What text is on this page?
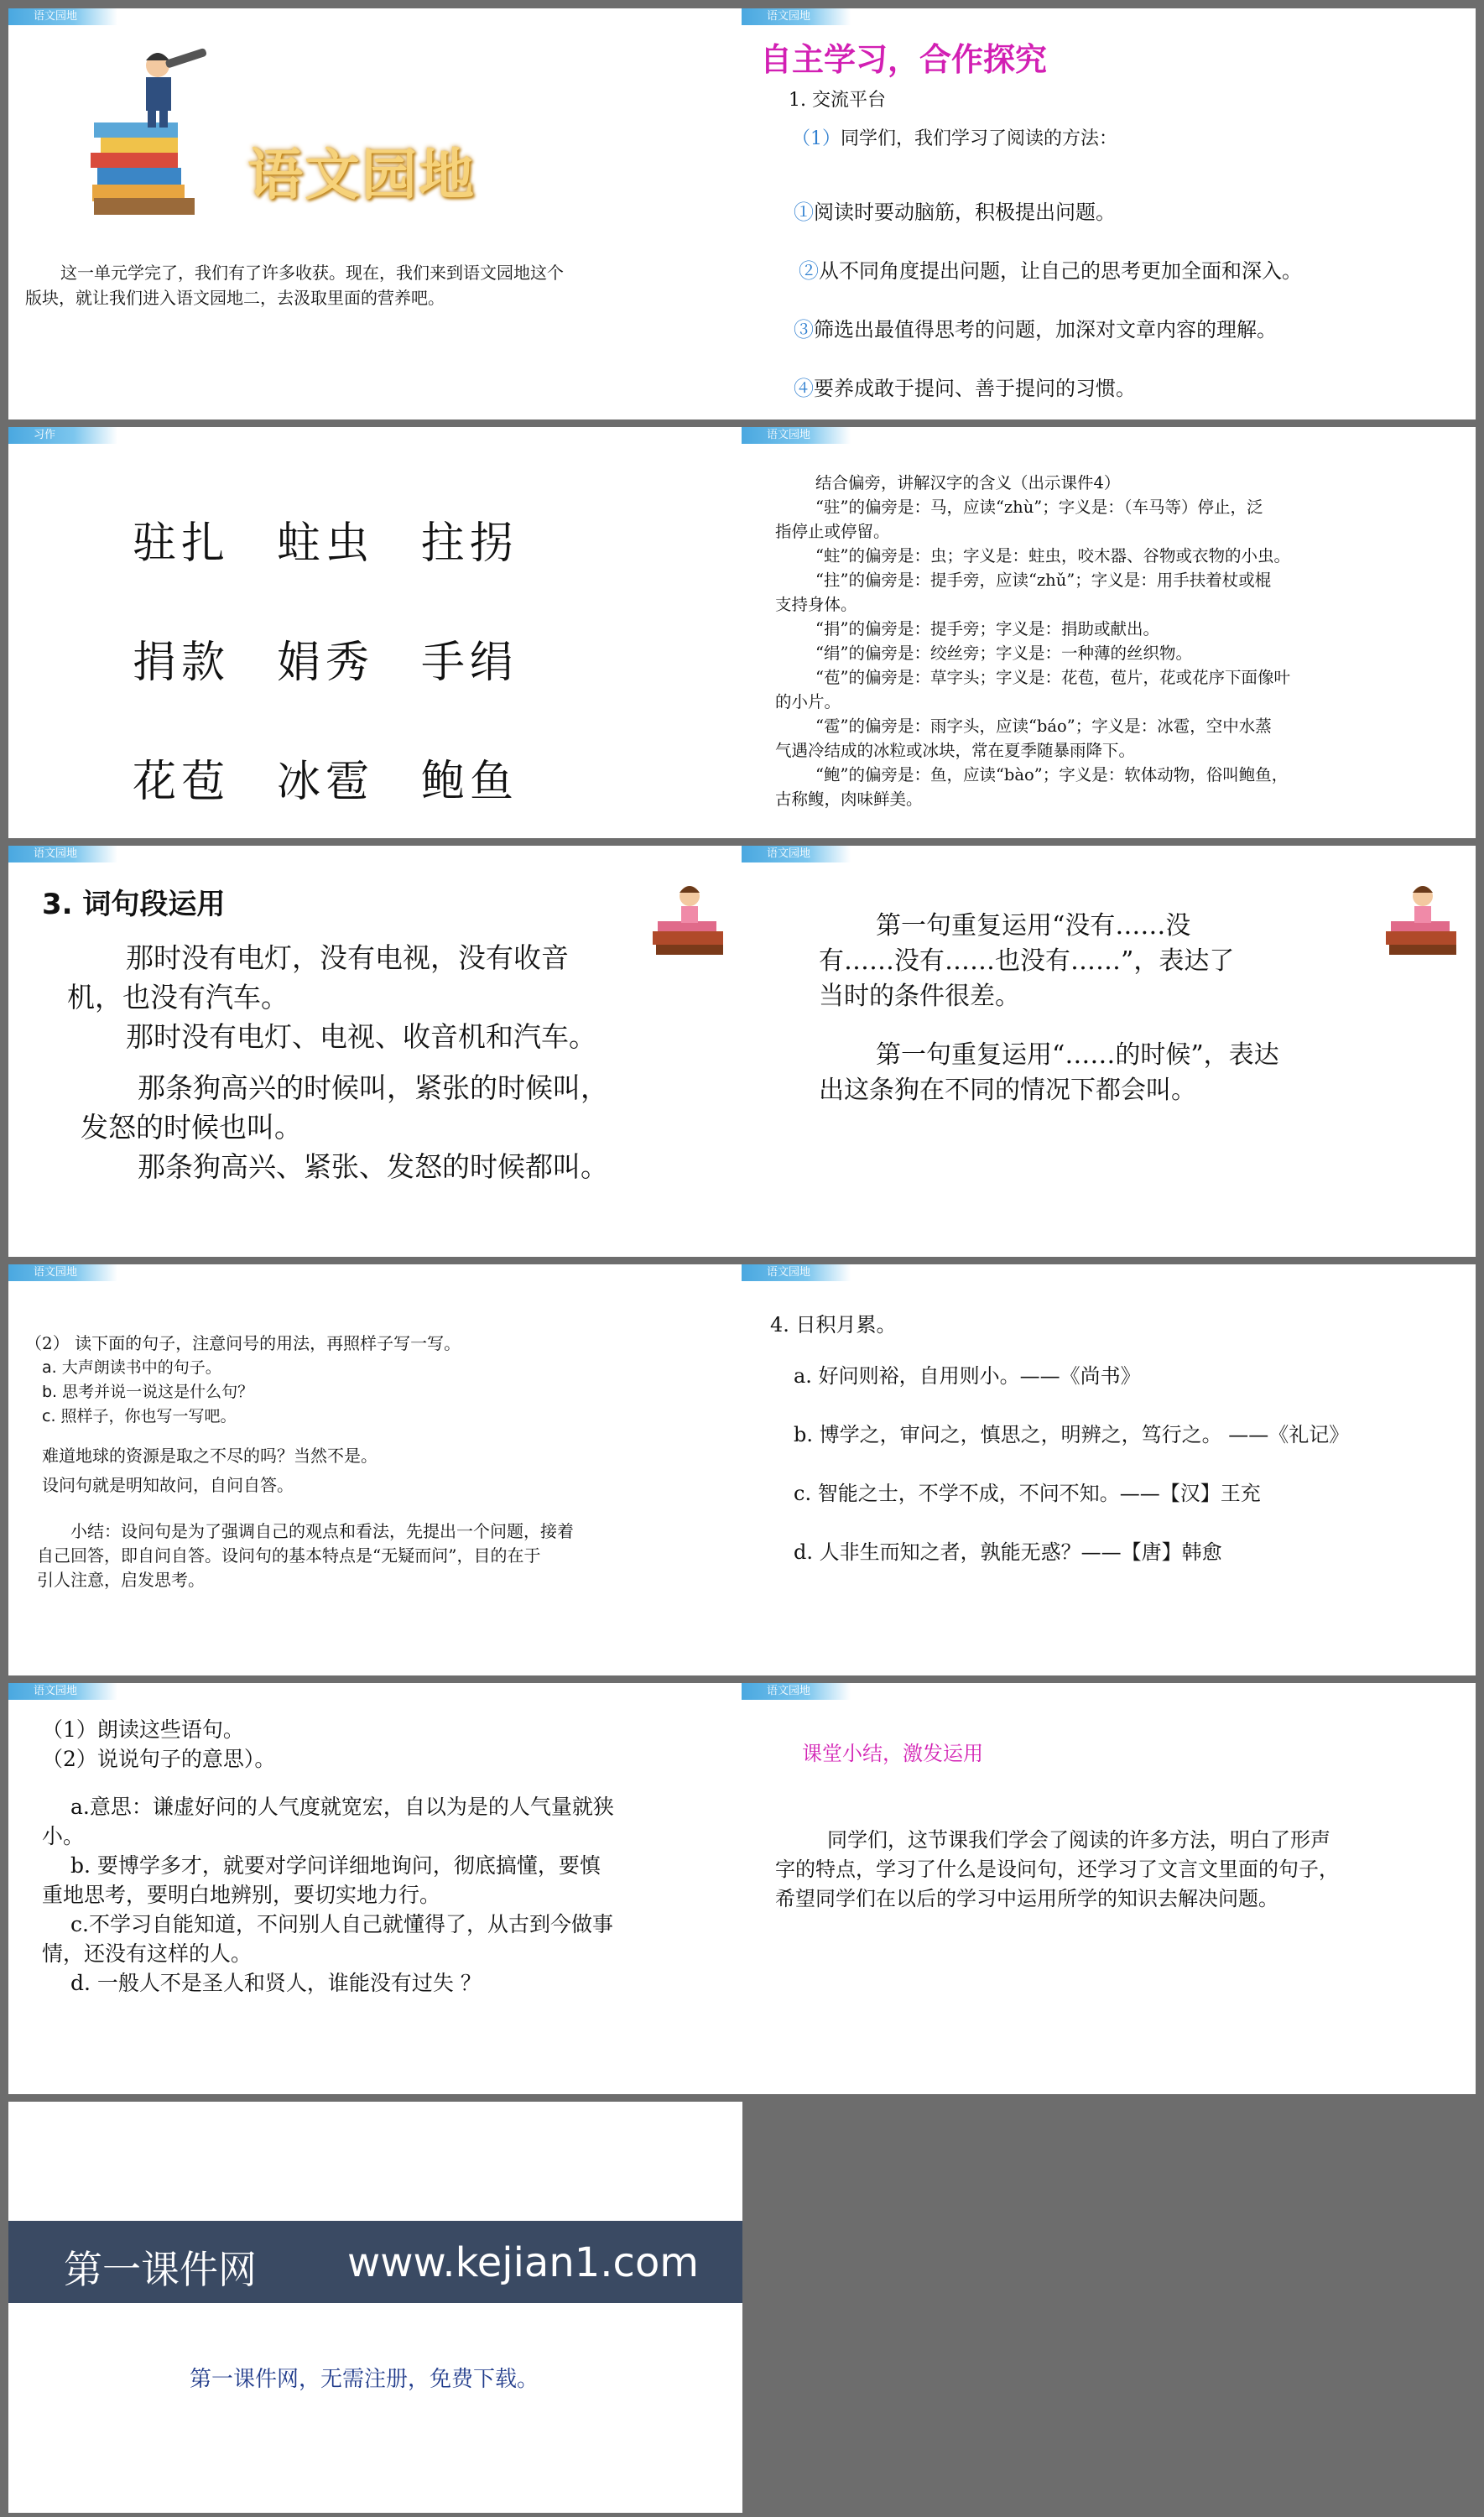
语文园地
语文园地

这一单元学完了，我们有了许多收获。现在，我们来到语文园地这个

版块，就让我们进入语文园地二，去汲取里面的营养吧。

语文园地
自主学习，合作探究
1. 交流平台
（1）同学们，我们学习了阅读的方法：

①阅读时要动脑筋，积极提出问题。

②从不同角度提出问题，让自己的思考更加全面和深入。

③筛选出最值得思考的问题，加深对文章内容的理解。

④要养成敢于提问、善于提问的习惯。

习作

驻扎 蛀虫 拄拐

捐款 娟秀 手绢

花苞 冰雹 鲍鱼

语文园地

结合偏旁，讲解汉字的含义（出示课件4）

“驻”的偏旁是：马，应读“zhù”；字义是：（车马等）停止，泛

指停止或停留。

“蛀”的偏旁是：虫；字义是：蛀虫，咬木器、谷物或衣物的小虫。

“拄”的偏旁是：提手旁，应读“zhǔ”；字义是：用手扶着杖或棍

支持身体。

“捐”的偏旁是：提手旁；字义是：捐助或献出。

“绢”的偏旁是：绞丝旁；字义是：一种薄的丝织物。

“苞”的偏旁是：草字头；字义是：花苞，苞片，花或花序下面像叶

的小片。

“雹”的偏旁是：雨字头，应读“báo”；字义是：冰雹，空中水蒸

气遇冷结成的冰粒或冰块，常在夏季随暴雨降下。

“鲍”的偏旁是：鱼，应读“bào”；字义是：软体动物，俗叫鲍鱼，

古称鳆，肉味鲜美。

语文园地
3. 词句段运用

那时没有电灯，没有电视，没有收音

机，也没有汽车。

那时没有电灯、电视、收音机和汽车。

那条狗高兴的时候叫，紧张的时候叫，

发怒的时候也叫。

那条狗高兴、紧张、发怒的时候都叫。

语文园地

第一句重复运用“没有……没

有……没有……也没有……”，表达了

当时的条件很差。

第一句重复运用“……的时候”，表达

出这条狗在不同的情况下都会叫。

语文园地

（2） 读下面的句子，注意问号的用法，再照样子写一写。

a. 大声朗读书中的句子。

b. 思考并说一说这是什么句？

c. 照样子，你也写一写吧。

难道地球的资源是取之不尽的吗？当然不是。

设问句就是明知故问，自问自答。

小结：设问句是为了强调自己的观点和看法，先提出一个问题，接着

自己回答，即自问自答。设问句的基本特点是“无疑而问”，目的在于

引人注意，启发思考。

语文园地
4. 日积月累。

a. 好问则裕，自用则小。——《尚书》

b. 博学之，审问之，慎思之，明辨之，笃行之。 ——《礼记》

c. 智能之士，不学不成，不问不知。——【汉】王充

d. 人非生而知之者，孰能无惑？——【唐】韩愈

语文园地

（1）朗读这些语句。

（2）说说句子的意思）。

a.意思：谦虚好问的人气度就宽宏，自以为是的人气量就狭

小。

b. 要博学多才，就要对学问详细地询问，彻底搞懂，要慎

重地思考，要明白地辨别，要切实地力行。

c.不学习自能知道，不问别人自己就懂得了，从古到今做事

情，还没有这样的人。

d. 一般人不是圣人和贤人，谁能没有过失 ？

语文园地
课堂小结，激发运用

同学们，这节课我们学会了阅读的许多方法，明白了形声

字的特点，学习了什么是设问句，还学习了文言文里面的句子，

希望同学们在以后的学习中运用所学的知识去解决问题。

第一课件网 www.kejian1.com
第一课件网，无需注册，免费下载。
